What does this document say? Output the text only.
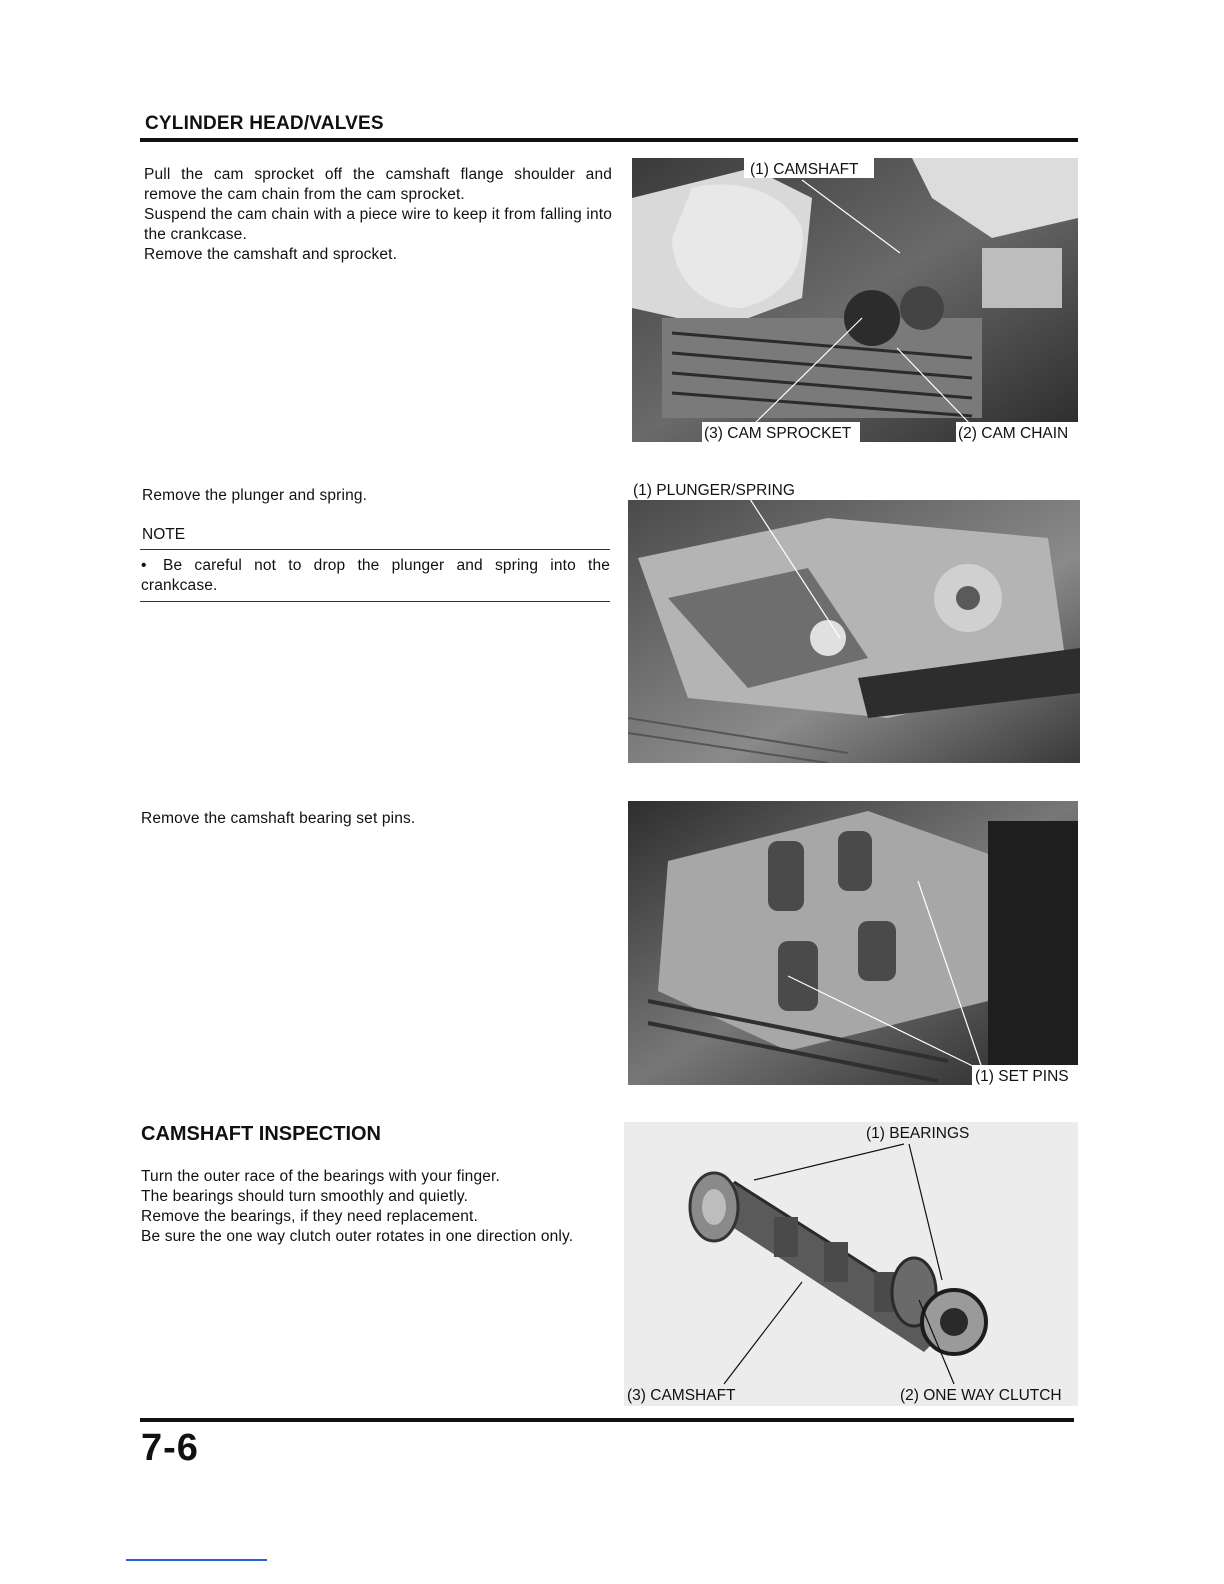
CYLINDER HEAD/VALVES

Pull the cam sprocket off the camshaft flange shoulder and remove the cam chain from the cam sprocket.

Suspend the cam chain with a piece wire to keep it from falling into the crankcase.

Remove the camshaft and sprocket.

(1) CAMSHAFT
(3) CAM SPROCKET	(2) CAM CHAIN
Remove the plunger and spring.
NOTE
• Be careful not to drop the plunger and spring into the crankcase.
(1) PLUNGER/SPRING
Remove the camshaft bearing set pins.
(1) SET PINS
CAMSHAFT INSPECTION

Turn the outer race of the bearings with your finger.

The bearings should turn smoothly and quietly.

Remove the bearings, if they need replacement.

Be sure the one way clutch outer rotates in one direction only.

(1) BEARINGS
(3) CAMSHAFT	(2) ONE WAY CLUTCH
7-6
